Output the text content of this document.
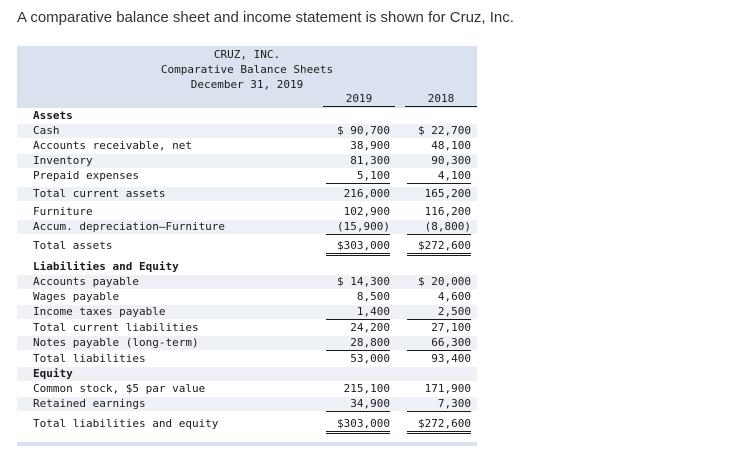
A comparative balance sheet and income statement is shown for Cruz, Inc.
CRUZ, INC.
Comparative Balance Sheets
December 31, 2019
2019	2018
Assets
Cash	$ 90,700	$ 22,700
Accounts receivable, net	38,900	48,100
Inventory	81,300	90,300
Prepaid expenses	5,100	4,100
Total current assets	216,000	165,200
Furniture	102,900	116,200
Accum. depreciation—Furniture	(15,900)	(8,800)
Total assets	$303,000	$272,600
Liabilities and Equity
Accounts payable	$ 14,300	$ 20,000
Wages payable	8,500	4,600
Income taxes payable	1,400	2,500
Total current liabilities	24,200	27,100
Notes payable (long-term)	28,800	66,300
Total liabilities	53,000	93,400
Equity
Common stock, $5 par value	215,100	171,900
Retained earnings	34,900	7,300
Total liabilities and equity	$303,000	$272,600
